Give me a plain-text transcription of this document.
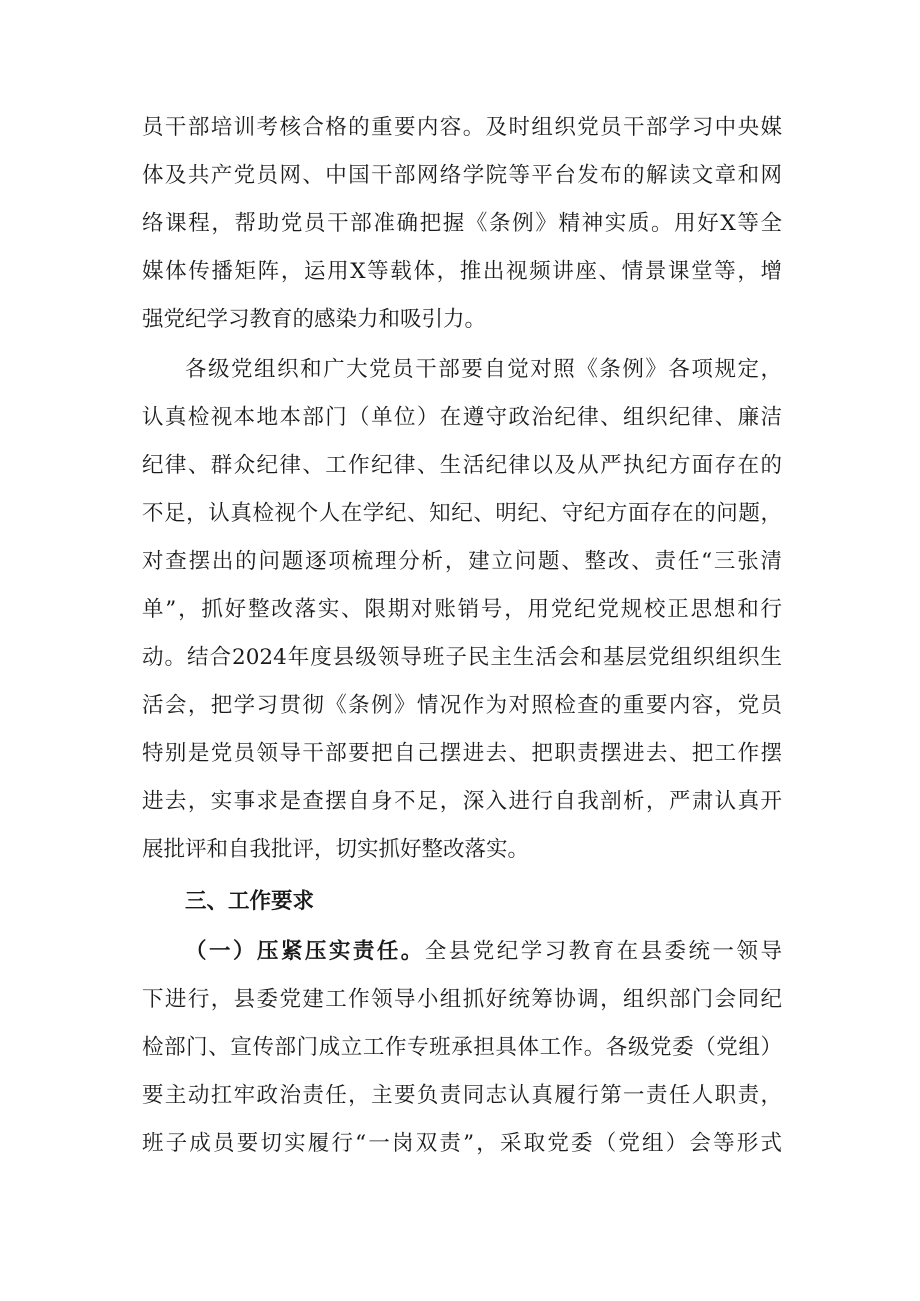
员干部培训考核合格的重要内容。及时组织党员干部学习中央媒
体及共产党员网、中国干部网络学院等平台发布的解读文章和网
络课程，帮助党员干部准确把握《条例》精神实质。用好X等全
媒体传播矩阵，运用X等载体，推出视频讲座、情景课堂等，增
强党纪学习教育的感染力和吸引力。
各级党组织和广大党员干部要自觉对照《条例》各项规定，
认真检视本地本部门（单位）在遵守政治纪律、组织纪律、廉洁
纪律、群众纪律、工作纪律、生活纪律以及从严执纪方面存在的
不足，认真检视个人在学纪、知纪、明纪、守纪方面存在的问题，
对查摆出的问题逐项梳理分析，建立问题、整改、责任“三张清
单”，抓好整改落实、限期对账销号，用党纪党规校正思想和行
动。结合2024年度县级领导班子民主生活会和基层党组织组织生
活会，把学习贯彻《条例》情况作为对照检查的重要内容，党员
特别是党员领导干部要把自己摆进去、把职责摆进去、把工作摆
进去，实事求是查摆自身不足，深入进行自我剖析，严肃认真开
展批评和自我批评，切实抓好整改落实。
三、工作要求
（一）压紧压实责任。全县党纪学习教育在县委统一领导
下进行，县委党建工作领导小组抓好统筹协调，组织部门会同纪
检部门、宣传部门成立工作专班承担具体工作。各级党委（党组）
要主动扛牢政治责任，主要负责同志认真履行第一责任人职责，
班子成员要切实履行“一岗双责”，采取党委（党组）会等形式
